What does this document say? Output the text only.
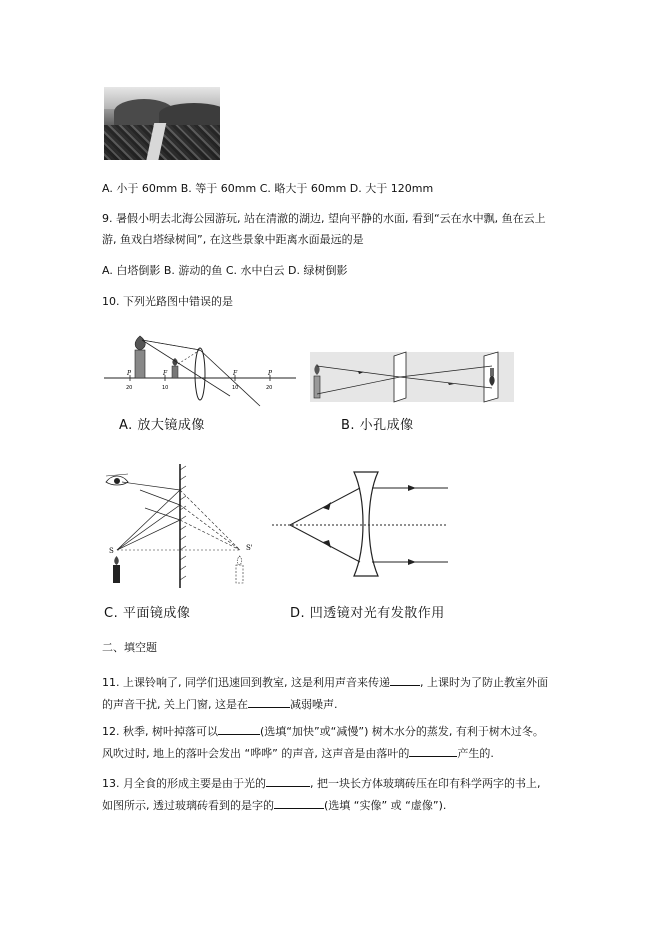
A. 小于 60mm B. 等于 60mm C. 略大于 60mm D. 大于 120mm
9. 暑假小明去北海公园游玩, 站在清澈的湖边, 望向平静的水面, 看到“云在水中飘, 鱼在云上
游, 鱼戏白塔绿树间”, 在这些景象中距离水面最远的是
A. 白塔倒影 B. 游动的鱼 C. 水中白云 D. 绿树倒影
10. 下列光路图中错误的是
P	F	F	P
20	10	10	20
A. 放大镜成像	B. 小孔成像
S	S'
C. 平面镜成像	D. 凹透镜对光有发散作用
二、填空题
11. 上课铃响了, 同学们迅速回到教室, 这是利用声音来传递	, 上课时为了防止教室外面
的声音干扰, 关上门窗, 这是在	减弱噪声.
12. 秋季, 树叶掉落可以	(选填“加快”或“减慢”) 树木水分的蒸发, 有利于树木过冬。
风吹过时, 地上的落叶会发出 “哗哗” 的声音, 这声音是由落叶的	产生的.
13. 月全食的形成主要是由于光的	, 把一块长方体玻璃砖压在印有科学两字的书上,
如图所示, 透过玻璃砖看到的是字的	(选填 “实像” 或 “虚像”).
